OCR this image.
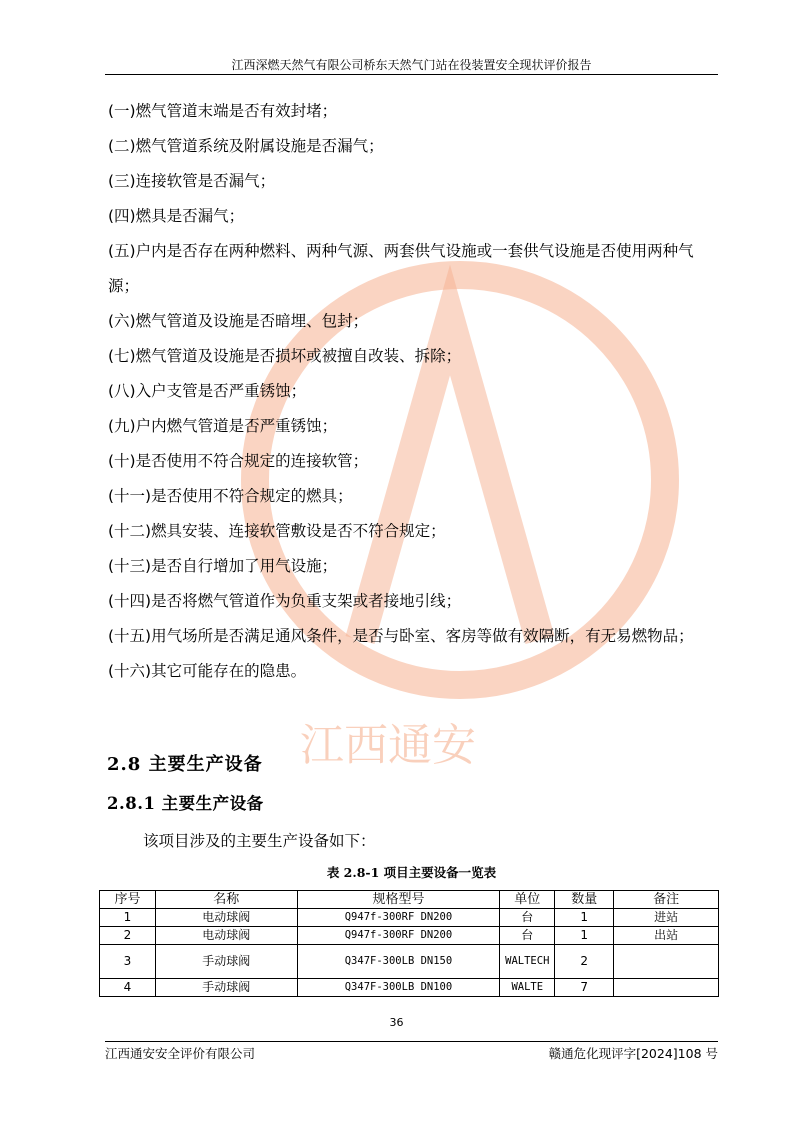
江西通安
江西深燃天然气有限公司桥东天然气门站在役装置安全现状评价报告
(一)燃气管道末端是否有效封堵；
(二)燃气管道系统及附属设施是否漏气；
(三)连接软管是否漏气；
(四)燃具是否漏气；
(五)户内是否存在两种燃料、两种气源、两套供气设施或一套供气设施是否使用两种气源；
(六)燃气管道及设施是否暗埋、包封；
(七)燃气管道及设施是否损坏或被擅自改装、拆除；
(八)入户支管是否严重锈蚀；
(九)户内燃气管道是否严重锈蚀；
(十)是否使用不符合规定的连接软管；
(十一)是否使用不符合规定的燃具；
(十二)燃具安装、连接软管敷设是否不符合规定；
(十三)是否自行增加了用气设施；
(十四)是否将燃气管道作为负重支架或者接地引线；
(十五)用气场所是否满足通风条件，是否与卧室、客房等做有效隔断，有无易燃物品；
(十六)其它可能存在的隐患。
2.8 主要生产设备
2.8.1 主要生产设备
该项目涉及的主要生产设备如下：
表 2.8-1 项目主要设备一览表
序号	名称	规格型号	单位	数量	备注
1	电动球阀	Q947f-300RF DN200	台	1	进站
2	电动球阀	Q947f-300RF DN200	台	1	出站
3	手动球阀	Q347F-300LB DN150	WALTECH	2	
4	手动球阀	Q347F-300LB DN100	WALTE	7	
36
江西通安安全评价有限公司	赣通危化现评字[2024]108 号
